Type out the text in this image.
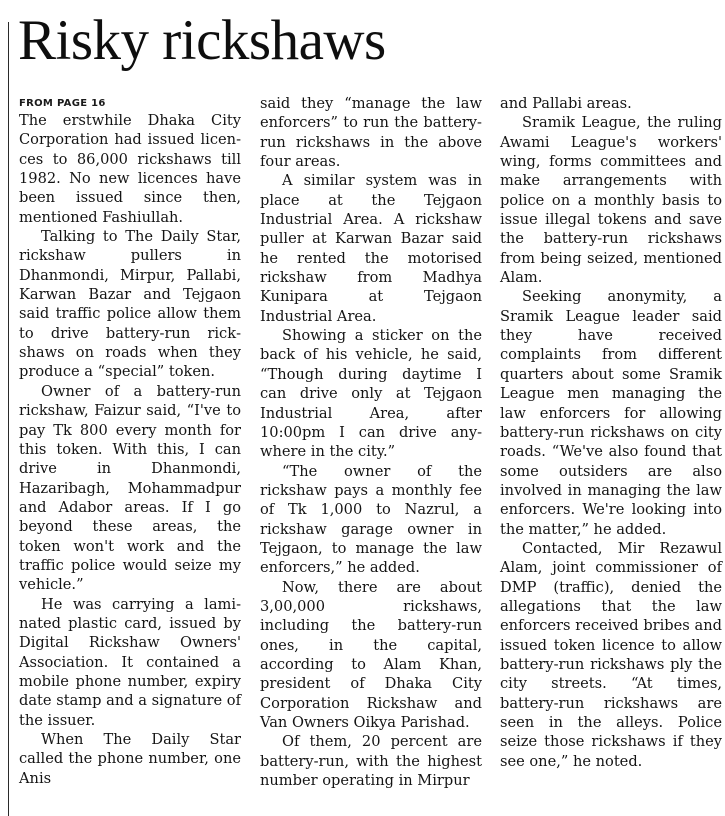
Risky rickshaws
FROM PAGE 16

The erstwhile Dhaka City Corporation had issued licences to 86,000 rickshaws till 1982. No new licences have been issued since then, mentioned Fashiullah.

Talking to The Daily Star, rickshaw pullers in Dhanmondi, Mirpur, Pallabi, Karwan Bazar and Tejgaon said traffic police allow them to drive battery-run rickshaws on roads when they produce a “special” token.

Owner of a battery-run rickshaw, Faizur said, “I've to pay Tk 800 every month for this token. With this, I can drive in Dhanmondi, Hazaribagh, Mohammadpur and Adabor areas. If I go beyond these areas, the token won't work and the traffic police would seize my vehicle.”

He was carrying a laminated plastic card, issued by Digital Rickshaw Owners' Association. It contained a mobile phone number, expiry date stamp and a signature of the issuer.

When The Daily Star called the phone number, one Anis

said they “manage the law enforcers” to run the battery-run rickshaws in the above four areas.

A similar system was in place at the Tejgaon Industrial Area. A rickshaw puller at Karwan Bazar said he rented the motorised rickshaw from Madhya Kunipara at Tejgaon Industrial Area.

Showing a sticker on the back of his vehicle, he said, “Though during daytime I can drive only at Tejgaon Industrial Area, after 10:00pm I can drive anywhere in the city.”

“The owner of the rickshaw pays a monthly fee of Tk 1,000 to Nazrul, a rickshaw garage owner in Tejgaon, to manage the law enforcers,” he added.

Now, there are about 3,00,000 rickshaws, including the battery-run ones, in the capital, according to Alam Khan, president of Dhaka City Corporation Rickshaw and Van Owners Oikya Parishad.

Of them, 20 percent are battery-run, with the highest number operating in Mirpur

and Pallabi areas.

Sramik League, the ruling Awami League's workers' wing, forms committees and make arrangements with police on a monthly basis to issue illegal tokens and save the battery-run rickshaws from being seized, mentioned Alam.

Seeking anonymity, a Sramik League leader said they have received complaints from different quarters about some Sramik League men managing the law enforcers for allowing battery-run rickshaws on city roads. “We've also found that some outsiders are also involved in managing the law enforcers. We're looking into the matter,” he added.

Contacted, Mir Rezawul Alam, joint commissioner of DMP (traffic), denied the allegations that the law enforcers received bribes and issued token licence to allow battery-run rickshaws ply the city streets. “At times, battery-run rickshaws are seen in the alleys. Police seize those rickshaws if they see one,” he noted.
